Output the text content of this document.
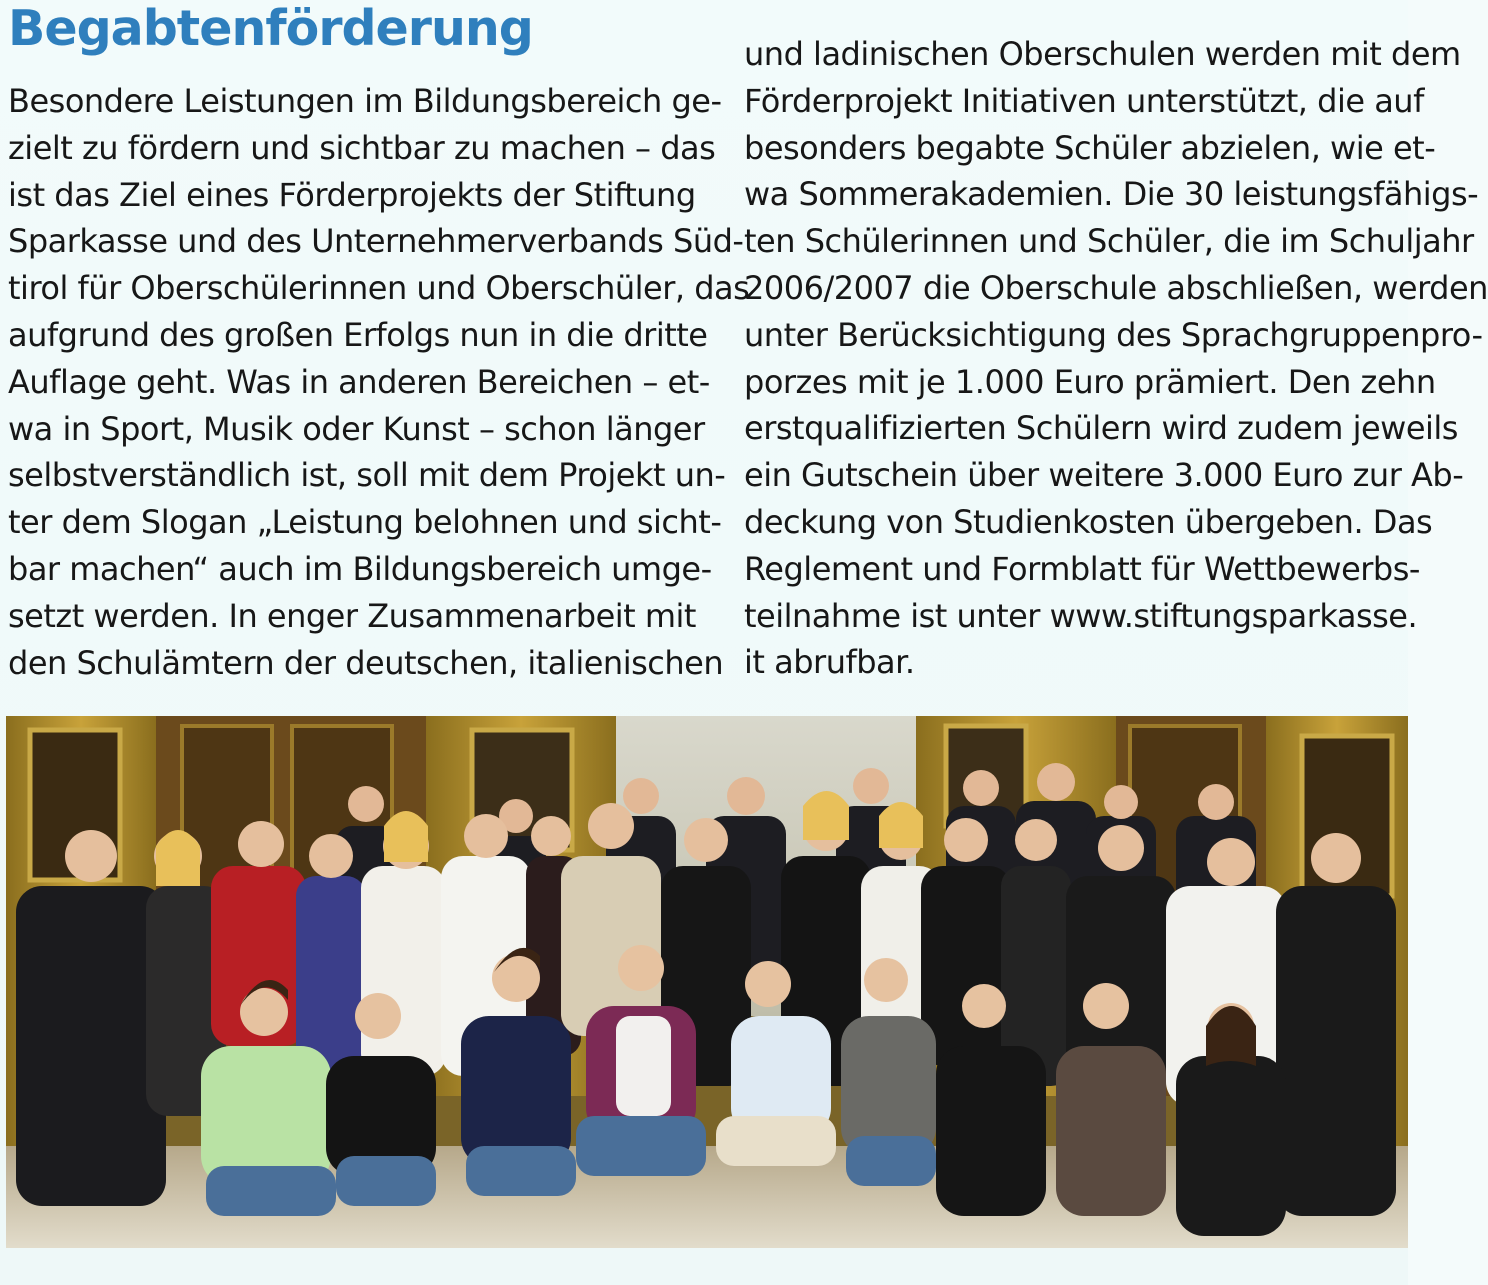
Begabtenförderung
Besondere Leistungen im Bildungsbereich ge-
zielt zu fördern und sichtbar zu machen – das
ist das Ziel eines Förderprojekts der Stiftung
Sparkasse und des Unternehmerverbands Süd-
tirol für Oberschülerinnen und Oberschüler, das
aufgrund des großen Erfolgs nun in die dritte
Auflage geht. Was in anderen Bereichen – et-
wa in Sport, Musik oder Kunst – schon länger
selbstverständlich ist, soll mit dem Projekt un-
ter dem Slogan „Leistung belohnen und sicht-
bar machen“ auch im Bildungsbereich umge-
setzt werden. In enger Zusammenarbeit mit
den Schulämtern der deutschen, italienischen
und ladinischen Oberschulen werden mit dem
Förderprojekt Initiativen unterstützt, die auf
besonders begabte Schüler abzielen, wie et-
wa Sommerakademien. Die 30 leistungsfähigs-
ten Schülerinnen und Schüler, die im Schuljahr
2006/2007 die Oberschule abschließen, werden
unter Berücksichtigung des Sprachgruppenpro-
porzes mit je 1.000 Euro prämiert. Den zehn
erstqualifizierten Schülern wird zudem jeweils
ein Gutschein über weitere 3.000 Euro zur Ab-
deckung von Studienkosten übergeben. Das
Reglement und Formblatt für Wettbewerbs-
teilnahme ist unter www.stiftungsparkasse.
it abrufbar.
